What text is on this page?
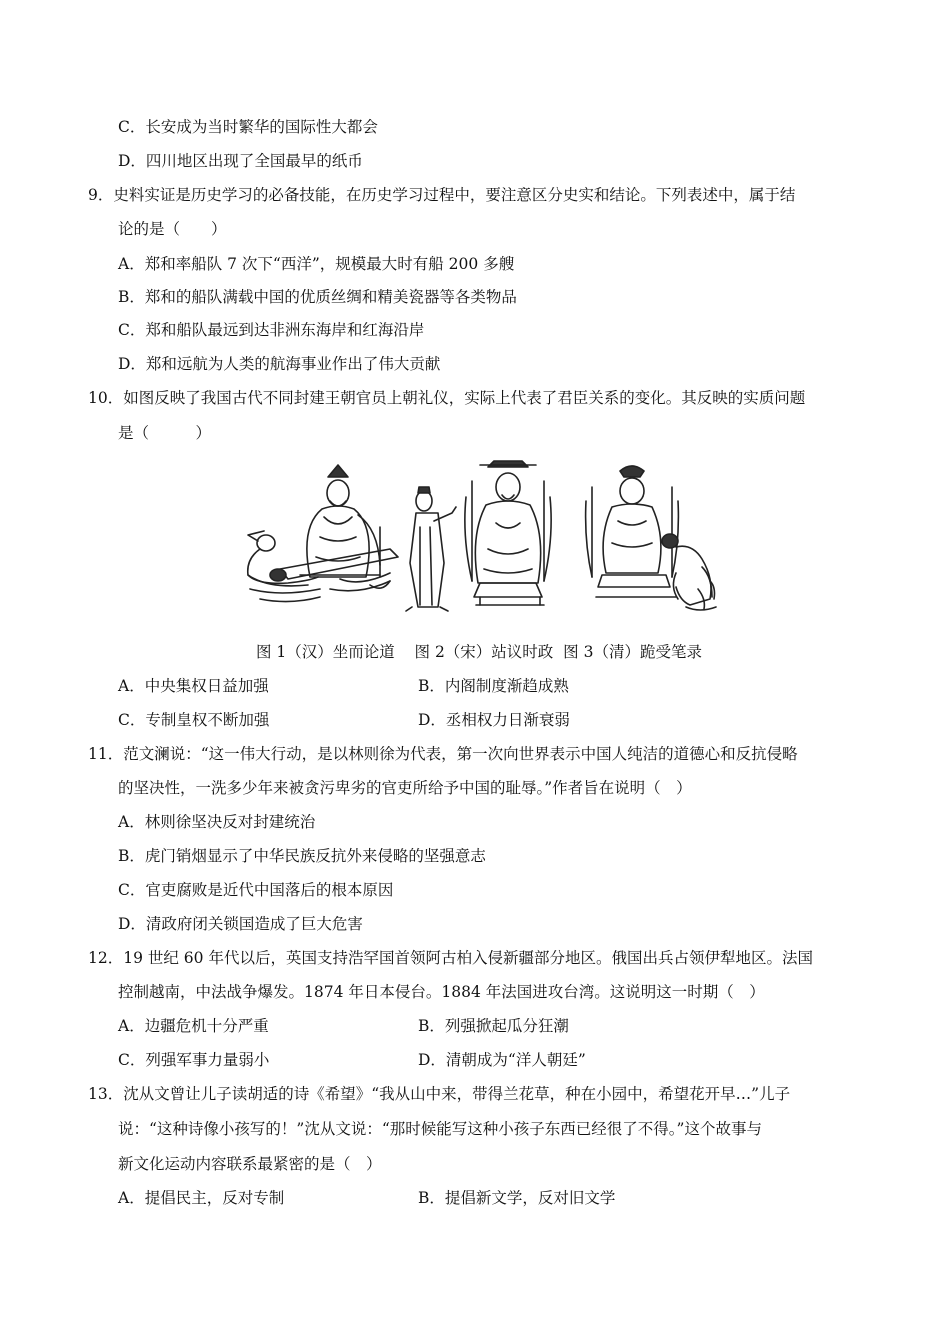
C．长安成为当时繁华的国际性大都会
D．四川地区出现了全国最早的纸币
9．史料实证是历史学习的必备技能，在历史学习过程中，要注意区分史实和结论。下列表述中，属于结
论的是（　　）
A．郑和率船队 7 次下“西洋”，规模最大时有船 200 多艘
B．郑和的船队满载中国的优质丝绸和精美瓷器等各类物品
C．郑和船队最远到达非洲东海岸和红海沿岸
D．郑和远航为人类的航海事业作出了伟大贡献
10．如图反映了我国古代不同封建王朝官员上朝礼仪，实际上代表了君臣关系的变化。其反映的实质问题
是（　　　）
图 1（汉）坐而论道 图 2（宋）站议时政 图 3（清）跪受笔录
A．中央集权日益加强	B．内阁制度渐趋成熟
C．专制皇权不断加强	D．丞相权力日渐衰弱
11．范文澜说：“这一伟大行动，是以林则徐为代表，第一次向世界表示中国人纯洁的道德心和反抗侵略
的坚决性，一洗多少年来被贪污卑劣的官吏所给予中国的耻辱。”作者旨在说明（　）
A．林则徐坚决反对封建统治
B．虎门销烟显示了中华民族反抗外来侵略的坚强意志
C．官吏腐败是近代中国落后的根本原因
D．清政府闭关锁国造成了巨大危害
12．19 世纪 60 年代以后，英国支持浩罕国首领阿古柏入侵新疆部分地区。俄国出兵占领伊犁地区。法国
控制越南，中法战争爆发。1874 年日本侵台。1884 年法国进攻台湾。这说明这一时期（　）
A．边疆危机十分严重	B．列强掀起瓜分狂潮
C．列强军事力量弱小	D．清朝成为“洋人朝廷”
13．沈从文曾让儿子读胡适的诗《希望》“我从山中来，带得兰花草，种在小园中，希望花开早…”儿子
说：“这种诗像小孩写的！”沈从文说：“那时候能写这种小孩子东西已经很了不得。”这个故事与
新文化运动内容联系最紧密的是（　）
A．提倡民主，反对专制	B．提倡新文学，反对旧文学
